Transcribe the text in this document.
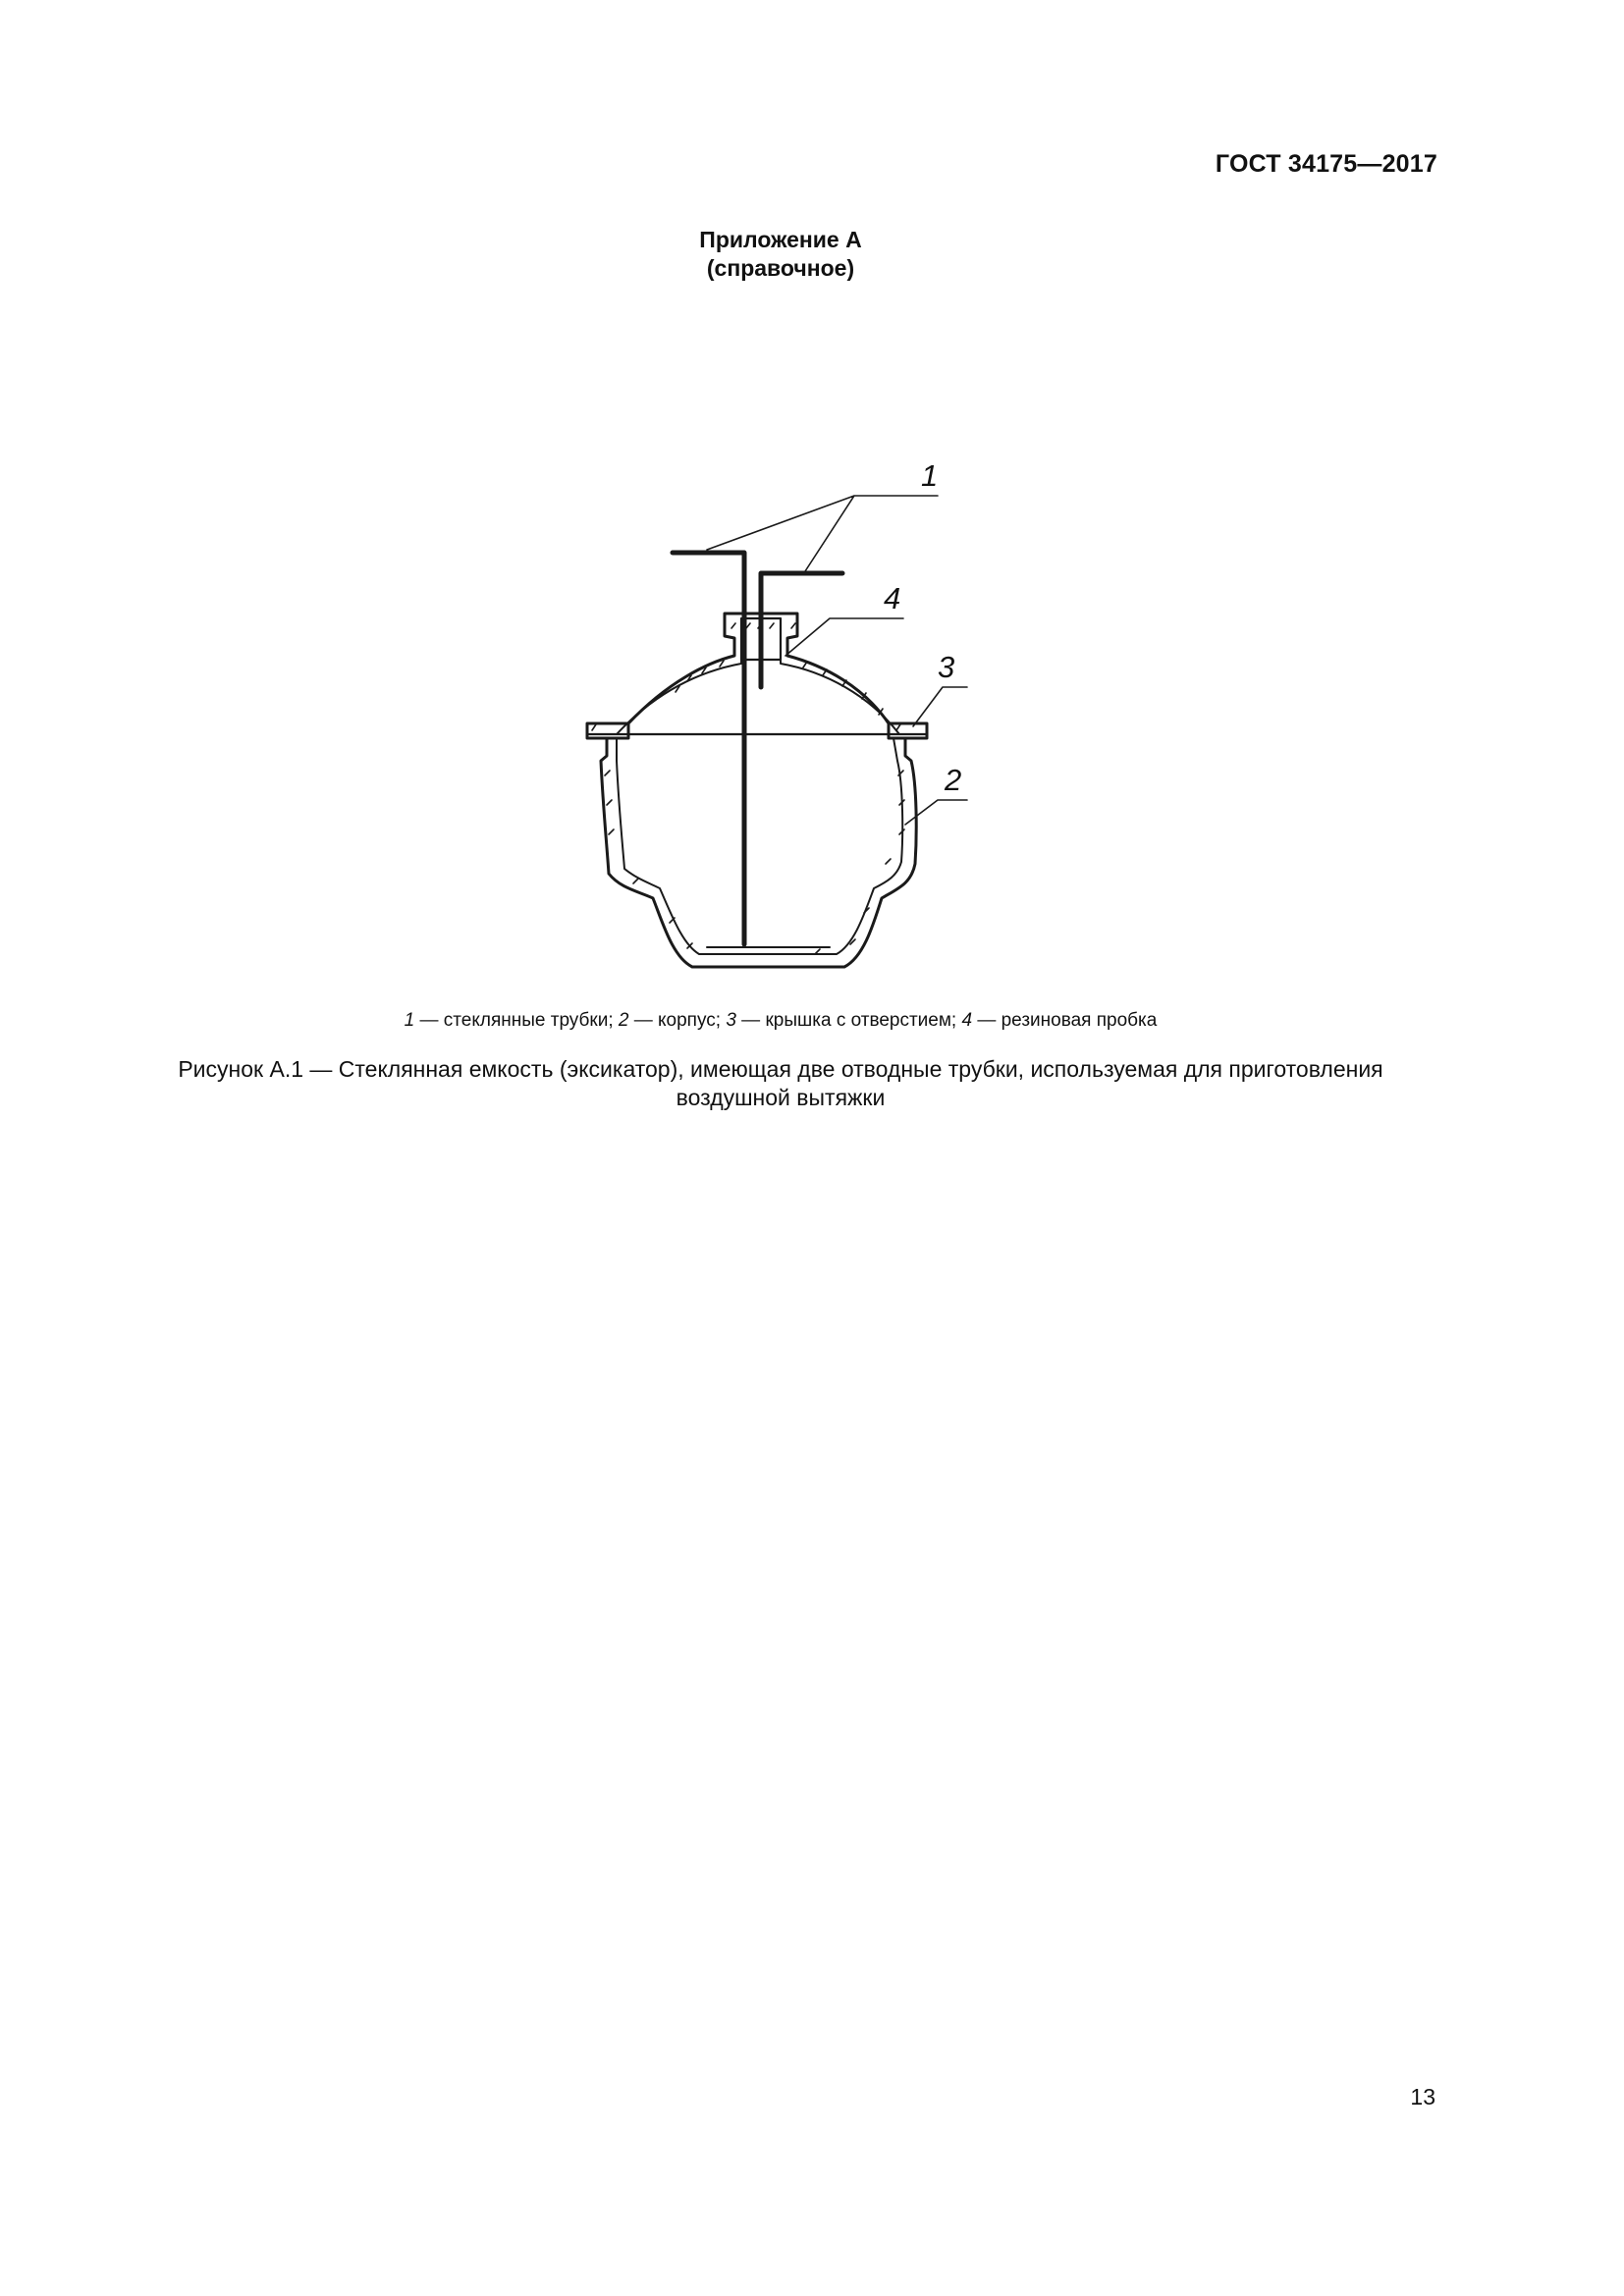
ГОСТ 34175—2017
Приложение А
(справочное)
1
4
3
2
1 — стеклянные трубки; 2 — корпус; 3 — крышка с отверстием; 4 — резиновая пробка
Рисунок А.1 — Стеклянная емкость (эксикатор), имеющая две отводные трубки, используемая для приготовления
воздушной вытяжки
13
